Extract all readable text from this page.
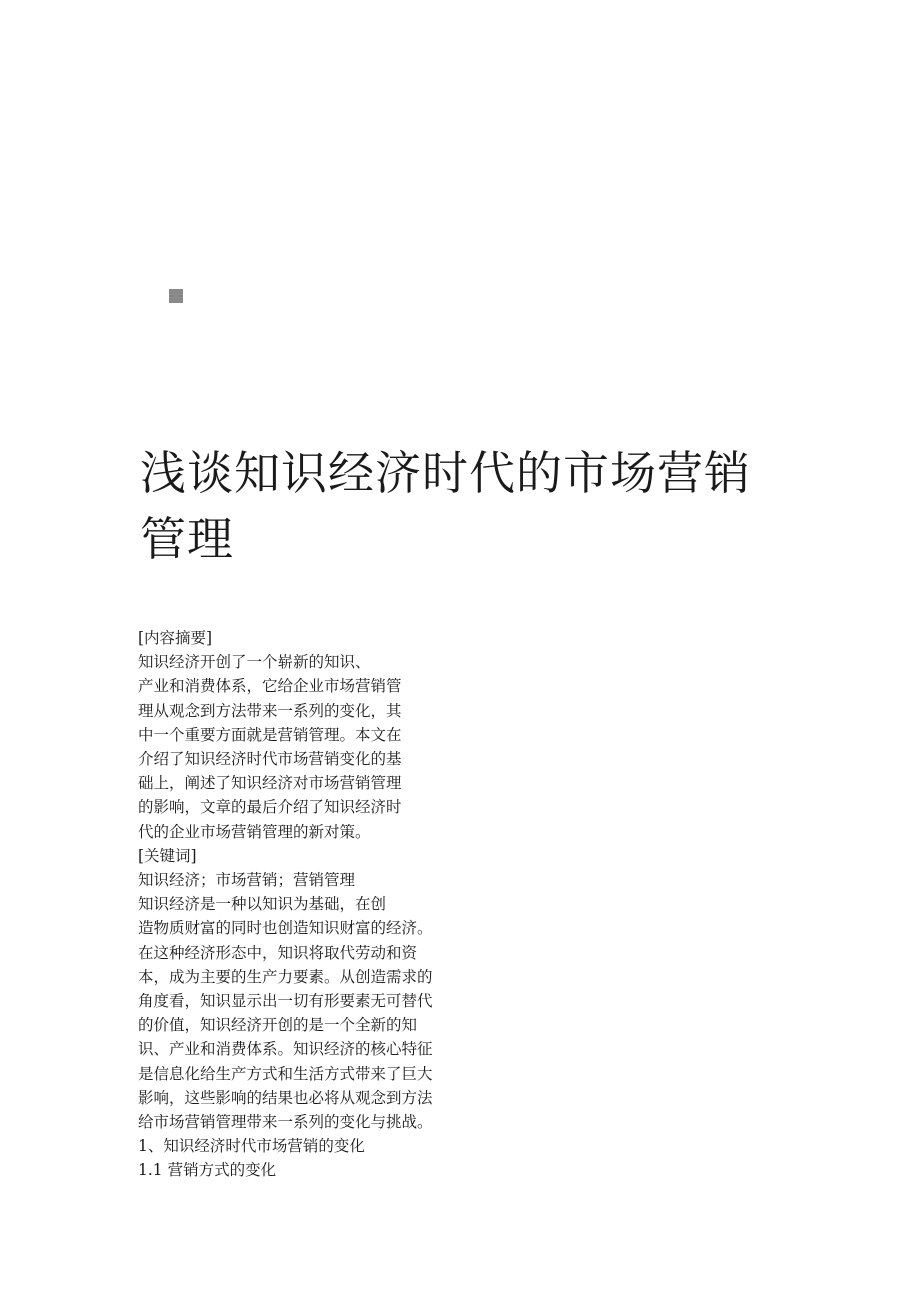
浅谈知识经济时代的市场营销
管理
[内容摘要]
知识经济开创了一个崭新的知识、
产业和消费体系，它给企业市场营销管
理从观念到方法带来一系列的变化，其
中一个重要方面就是营销管理。本文在
介绍了知识经济时代市场营销变化的基
础上，阐述了知识经济对市场营销管理
的影响，文章的最后介绍了知识经济时
代的企业市场营销管理的新对策。
[关键词]
知识经济；市场营销；营销管理
知识经济是一种以知识为基础，在创
造物质财富的同时也创造知识财富的经济。
在这种经济形态中，知识将取代劳动和资
本，成为主要的生产力要素。从创造需求的
角度看，知识显示出一切有形要素无可替代
的价值，知识经济开创的是一个全新的知
识、产业和消费体系。知识经济的核心特征
是信息化给生产方式和生活方式带来了巨大
影响，这些影响的结果也必将从观念到方法
给市场营销管理带来一系列的变化与挑战。
1、知识经济时代市场营销的变化
1.1 营销方式的变化
